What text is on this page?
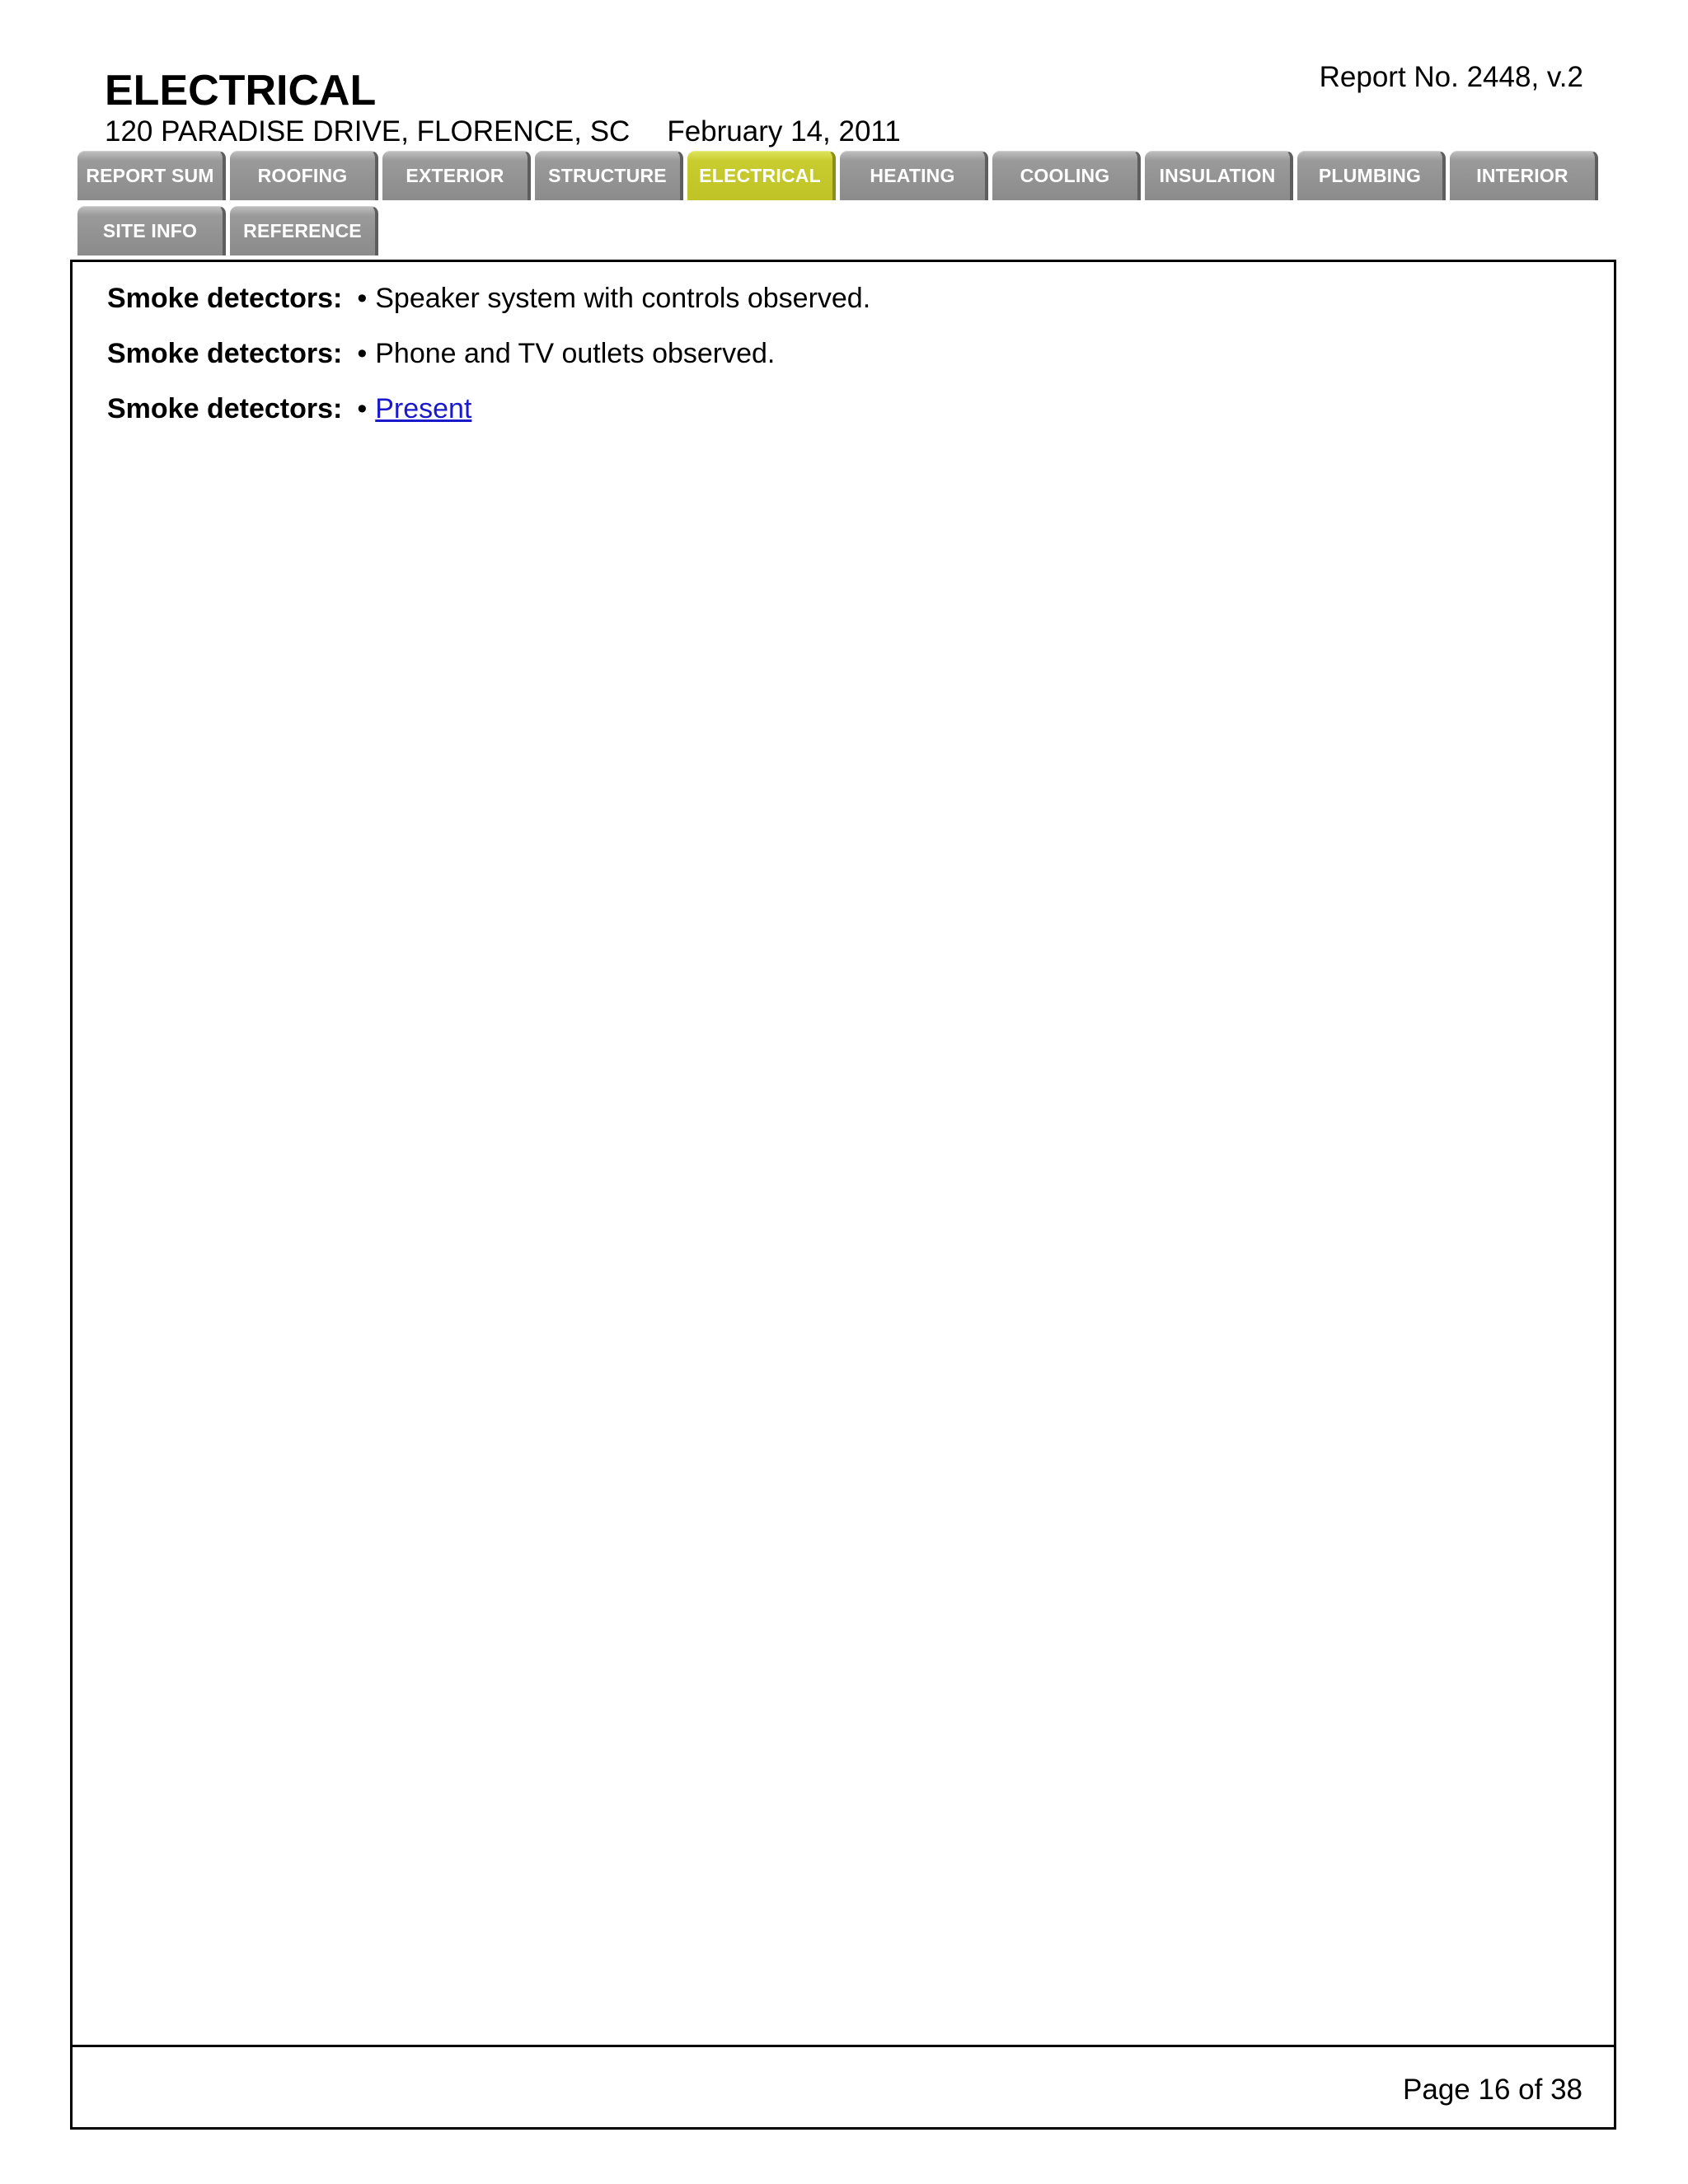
ELECTRICAL	Report No. 2448, v.2
120 PARADISE DRIVE, FLORENCE, SC February 14, 2011
REPORT SUM	ROOFING	EXTERIOR	STRUCTURE	ELECTRICAL	HEATING	COOLING	INSULATION	PLUMBING	INTERIOR
SITE INFO	REFERENCE
Smoke detectors: • Speaker system with controls observed.
Smoke detectors: • Phone and TV outlets observed.
Smoke detectors: • Present
Page 16 of 38
